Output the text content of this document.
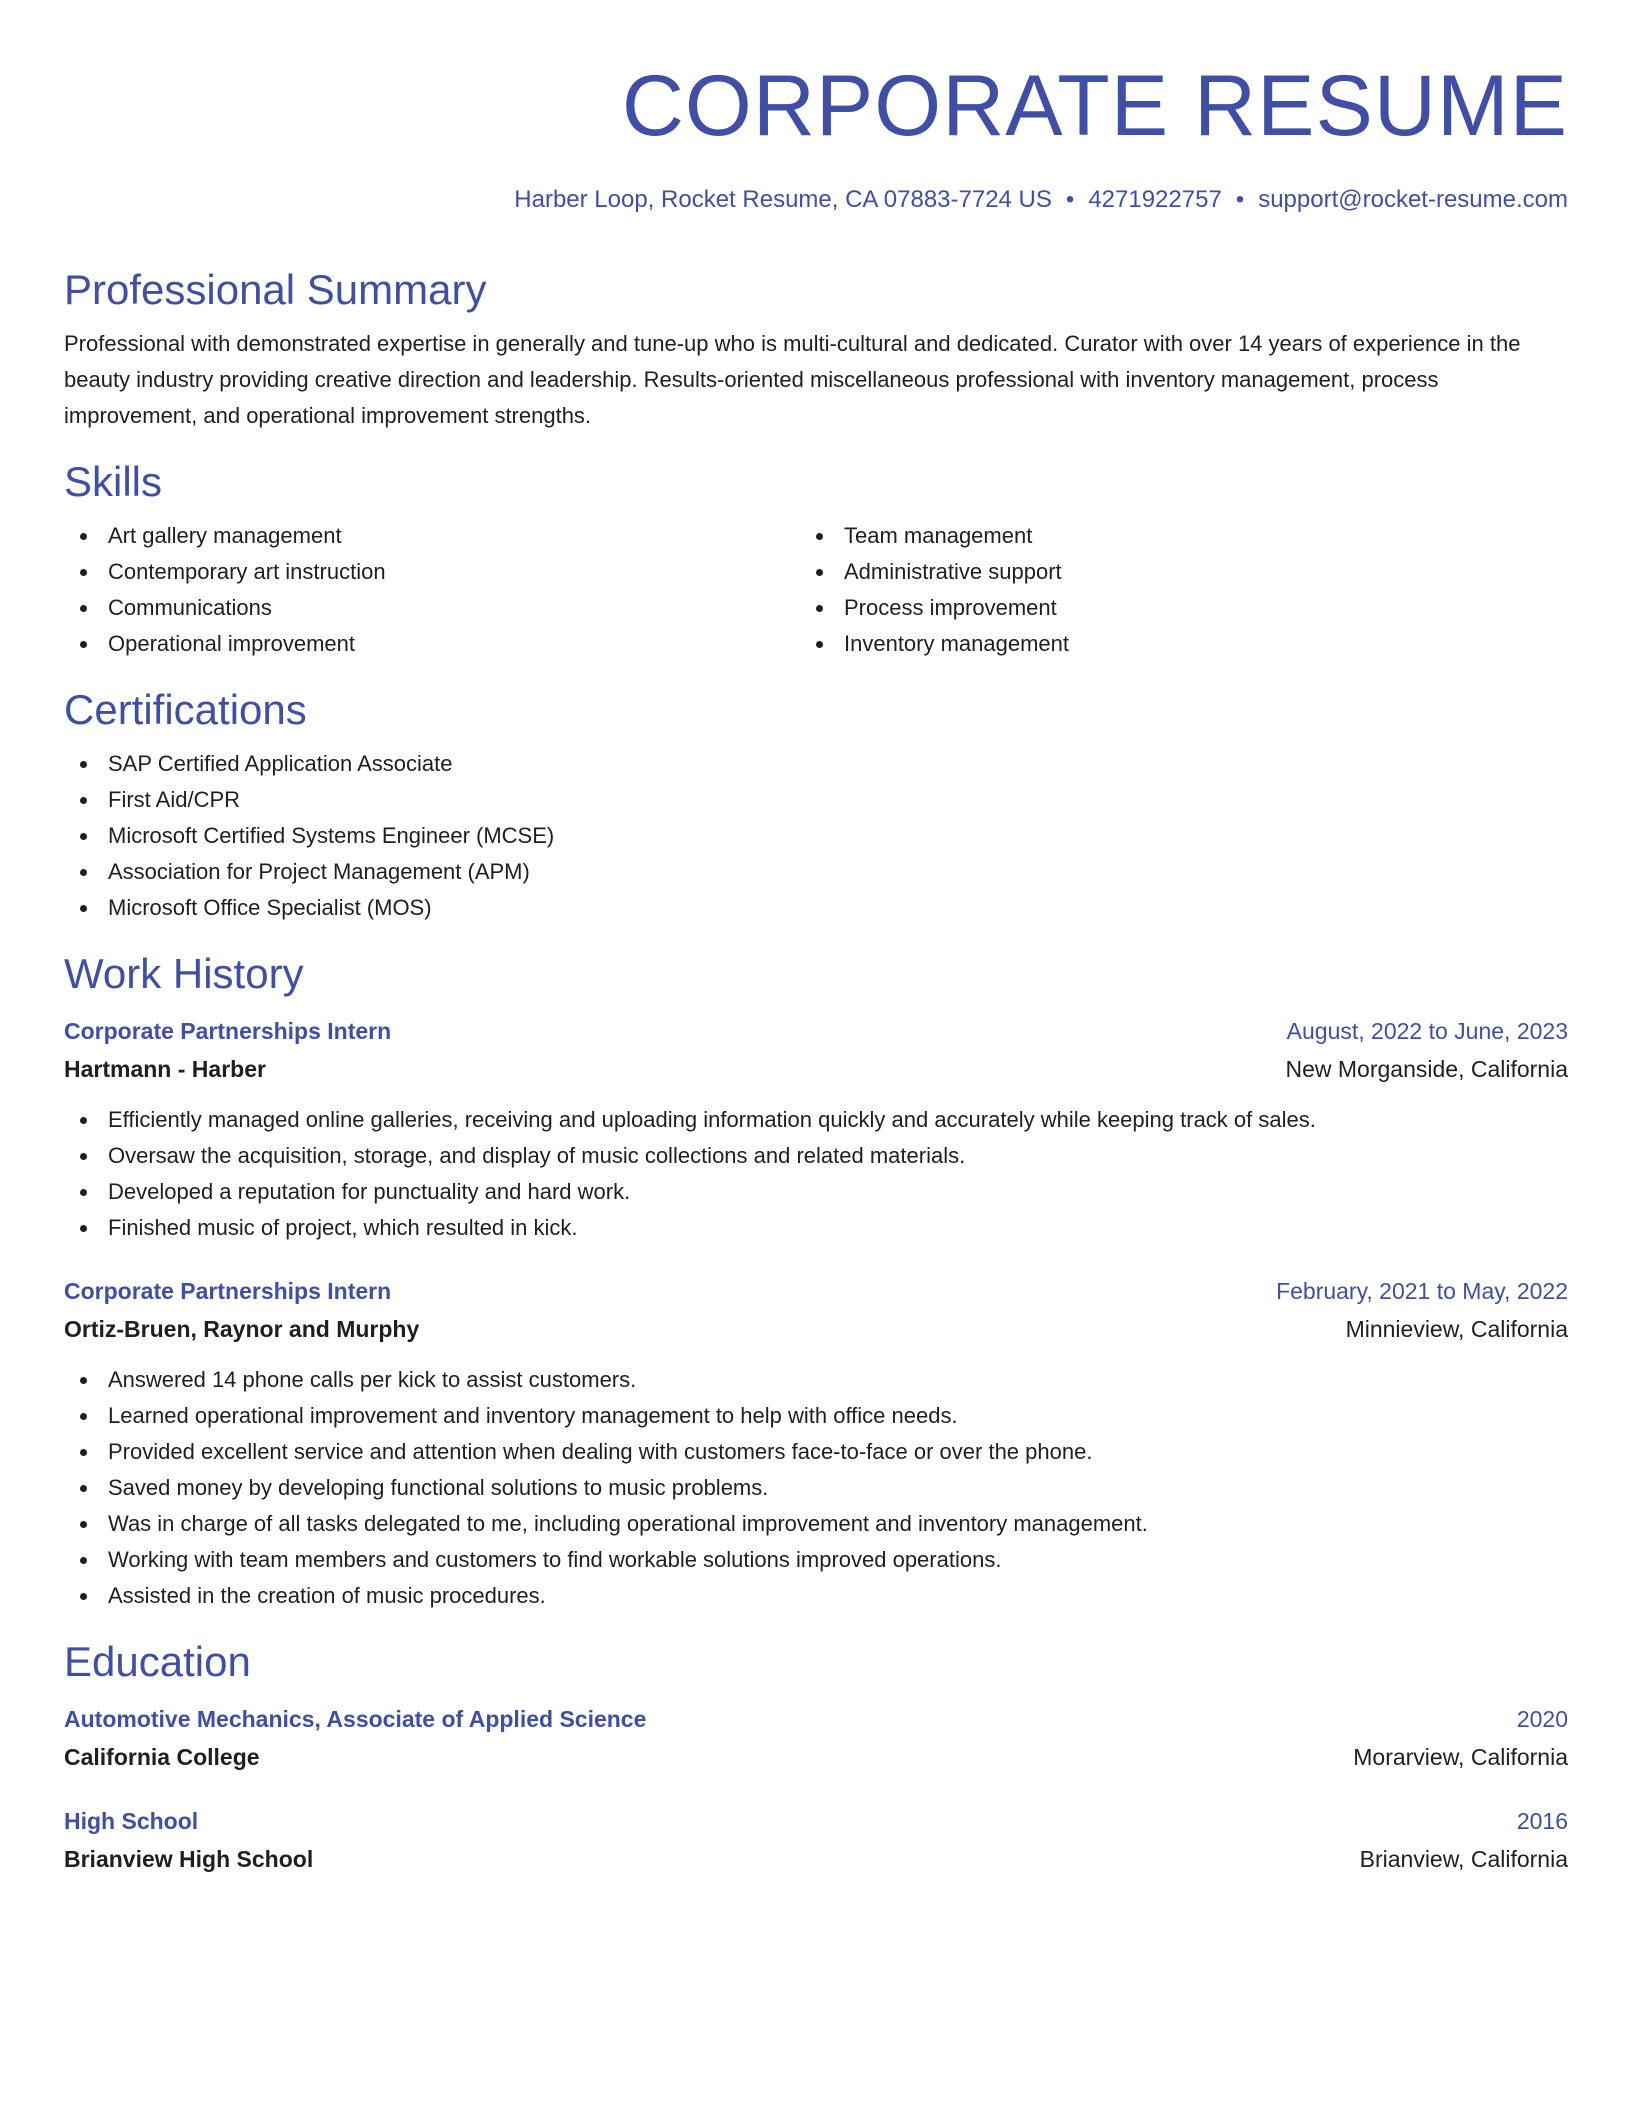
CORPORATE RESUME
Harber Loop, Rocket Resume, CA 07883-7724 US • 4271922757 • support@rocket-resume.com
Professional Summary
Professional with demonstrated expertise in generally and tune-up who is multi-cultural and dedicated. Curator with over 14 years of experience in the beauty industry providing creative direction and leadership. Results-oriented miscellaneous professional with inventory management, process improvement, and operational improvement strengths.
Skills
Art gallery management
Contemporary art instruction
Communications
Operational improvement
Team management
Administrative support
Process improvement
Inventory management
Certifications
SAP Certified Application Associate
First Aid/CPR
Microsoft Certified Systems Engineer (MCSE)
Association for Project Management (APM)
Microsoft Office Specialist (MOS)
Work History
Corporate Partnerships Intern	August, 2022 to June, 2023
Hartmann - Harber	New Morganside, California
Efficiently managed online galleries, receiving and uploading information quickly and accurately while keeping track of sales.
Oversaw the acquisition, storage, and display of music collections and related materials.
Developed a reputation for punctuality and hard work.
Finished music of project, which resulted in kick.
Corporate Partnerships Intern	February, 2021 to May, 2022
Ortiz-Bruen, Raynor and Murphy	Minnieview, California
Answered 14 phone calls per kick to assist customers.
Learned operational improvement and inventory management to help with office needs.
Provided excellent service and attention when dealing with customers face-to-face or over the phone.
Saved money by developing functional solutions to music problems.
Was in charge of all tasks delegated to me, including operational improvement and inventory management.
Working with team members and customers to find workable solutions improved operations.
Assisted in the creation of music procedures.
Education
Automotive Mechanics, Associate of Applied Science	2020
California College	Morarview, California
High School	2016
Brianview High School	Brianview, California
